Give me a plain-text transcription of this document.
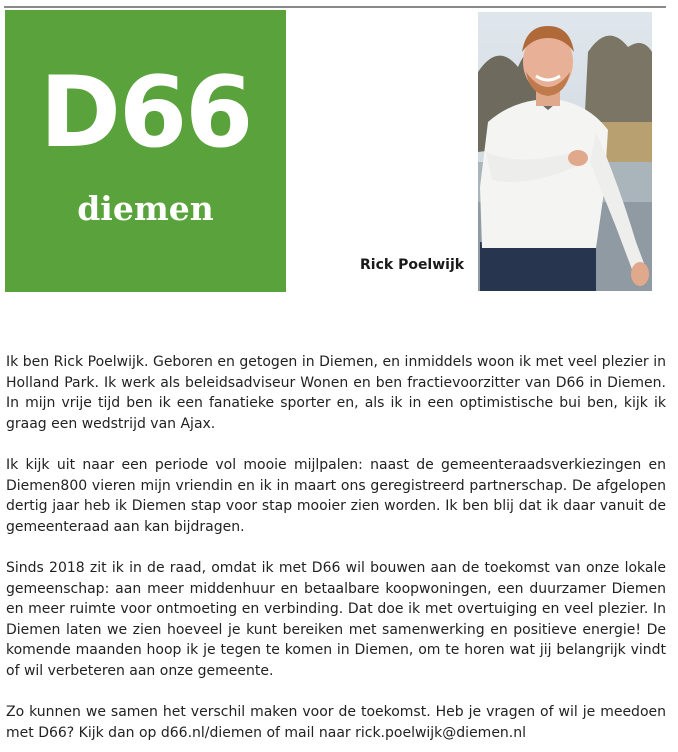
D66
diemen
Rick Poelwijk

Ik ben Rick Poelwijk. Geboren en getogen in Diemen, en inmiddels woon ik met veel plezier in Holland Park. Ik werk als beleidsadviseur Wonen en ben fractievoorzitter van D66 in Diemen. In mijn vrije tijd ben ik een fanatieke sporter en, als ik in een optimistische bui ben, kijk ik graag een wedstrijd van Ajax.

Ik kijk uit naar een periode vol mooie mijlpalen: naast de gemeenteraadsverkiezingen en Diemen800 vieren mijn vriendin en ik in maart ons geregistreerd partnerschap. De afgelopen dertig jaar heb ik Diemen stap voor stap mooier zien worden. Ik ben blij dat ik daar vanuit de gemeenteraad aan kan bijdragen.

Sinds 2018 zit ik in de raad, omdat ik met D66 wil bouwen aan de toekomst van onze lokale gemeenschap: aan meer middenhuur en betaalbare koopwoningen, een duurzamer Diemen en meer ruimte voor ontmoeting en verbinding. Dat doe ik met overtuiging en veel plezier. In Diemen laten we zien hoeveel je kunt bereiken met samenwerking en positieve energie! De komende maanden hoop ik je tegen te komen in Diemen, om te horen wat jij belangrijk vindt of wil verbeteren aan onze gemeente.

Zo kunnen we samen het verschil maken voor de toekomst. Heb je vragen of wil je meedoen met D66? Kijk dan op d66.nl/diemen of mail naar rick.poelwijk@diemen.nl
